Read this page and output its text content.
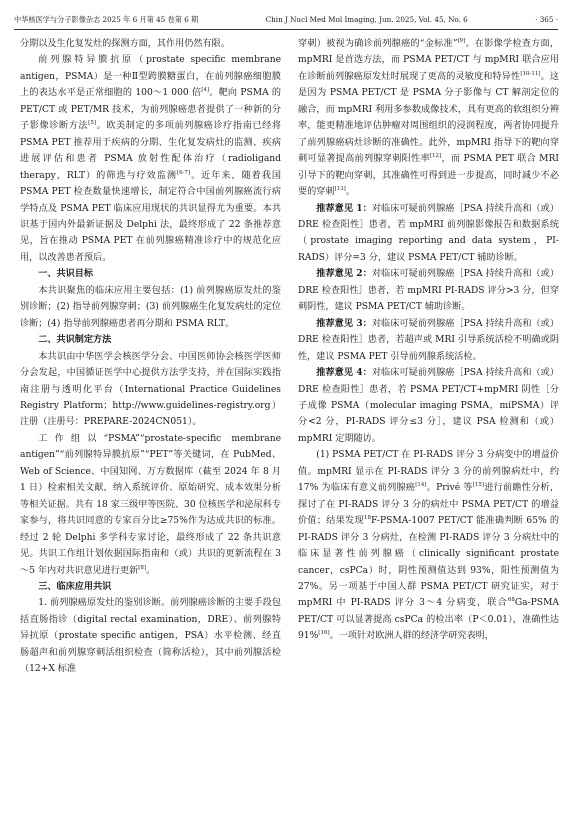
中华核医学与分子影像杂志 2025 年 6 月第 45 卷第 6 期	Chin J Nucl Med Mol Imaging, Jun. 2025, Vol. 45, No. 6	· 365 ·

分期以及生化复发灶的探测方面，其作用仍然有限。

前列腺特异膜抗原（prostate specific membrane antigen，PSMA）是一种Ⅱ型跨膜糖蛋白，在前列腺癌细胞膜上的表达水平是正常细胞的 100～1 000 倍[4]。靶向 PSMA 的 PET/CT 或 PET/MR 技术，为前列腺癌患者提供了一种新的分子影像诊断方法[5]。欧美制定的多项前列腺癌诊疗指南已经将 PSMA PET 推荐用于疾病的分期、生化复发病灶的监测、疾病进展评估和患者 PSMA 放射性配体治疗（radioligand therapy，RLT）的筛选与疗效监测[6-7]。近年来，随着我国 PSMA PET 检查数量快速增长，制定符合中国前列腺癌流行病学特点及 PSMA PET 临床应用现状的共识显得尤为重要。本共识基于国内外最新证据及 Delphi 法，最终形成了 22 条推荐意见，旨在推动 PSMA PET 在前列腺癌精准诊疗中的规范化应用，以改善患者预后。

一、共识目标

本共识聚焦的临床应用主要包括：(1) 前列腺癌原发灶的鉴别诊断；(2) 指导前列腺穿刺；(3) 前列腺癌生化复发病灶的定位诊断；(4) 指导前列腺癌患者再分期和 PSMA RLT。

二、共识制定方法

本共识由中华医学会核医学分会、中国医师协会核医学医师分会发起，中国循证医学中心提供方法学支持，并在国际实践指南注册与透明化平台（International Practice Guidelines Registry Platform；http://www.guidelines-registry.org）注册（注册号：PREPARE-2024CN051）。

工作组以“PSMA”“prostate-specific membrane antigen”“前列腺特异膜抗原”“PET”等关键词，在 PubMed、Web of Science、中国知网、万方数据库（截至 2024 年 8 月 1 日）检索相关文献，纳入系统评价、原始研究、成本效果分析等相关证据。共有 18 家三级甲等医院、30 位核医学和泌尿科专家参与，将共识同意的专家百分比≥75%作为达成共识的标准。经过 2 轮 Delphi 多学科专家讨论，最终形成了 22 条共识意见。共识工作组计划依据国际指南和（或）共识的更新流程在 3～5 年内对共识意见进行更新[8]。

三、临床应用共识

1. 前列腺癌原发灶的鉴别诊断。前列腺癌诊断的主要手段包括直肠指诊（digital rectal examination，DRE）、前列腺特异抗原（prostate specific antigen，PSA）水平检测、经直肠超声和前列腺穿刺活组织检查（简称活检），其中前列腺活检（12+X 标准

穿刺）被视为确诊前列腺癌的“金标准”[9]。在影像学检查方面，mpMRI 是首选方法，而 PSMA PET/CT 与 mpMRI 联合应用在诊断前列腺癌原发灶时展现了更高的灵敏度和特异性[10-11]。这是因为 PSMA PET/CT 是 PSMA 分子影像与 CT 解剖定位的融合，而 mpMRI 利用多参数成像技术，具有更高的软组织分辨率，能更精准地评估肿瘤对周围组织的浸润程度，两者协同提升了前列腺癌病灶诊断的准确性。此外，mpMRI 指导下的靶向穿刺可显著提高前列腺穿刺阳性率[12]，而 PSMA PET 联合 MRI 引导下的靶向穿刺，其准确性可得到进一步提高，同时减少不必要的穿刺[13]。

推荐意见 1：对临床可疑前列腺癌［PSA 持续升高和（或）DRE 检查阳性］患者，若 mpMRI 前列腺影像报告和数据系统（prostate imaging reporting and data system，PI-RADS）评分=3 分，建议 PSMA PET/CT 辅助诊断。

推荐意见 2：对临床可疑前列腺癌［PSA 持续升高和（或）DRE 检查阳性］患者，若 mpMRI PI-RADS 评分>3 分，但穿刺阴性，建议 PSMA PET/CT 辅助诊断。

推荐意见 3：对临床可疑前列腺癌［PSA 持续升高和（或）DRE 检查阳性］患者，若超声或 MRI 引导系统活检不明确或阴性，建议 PSMA PET 引导前列腺系统活检。

推荐意见 4：对临床可疑前列腺癌［PSA 持续升高和（或）DRE 检查阳性］患者，若 PSMA PET/CT+mpMRI 阴性［分子成像 PSMA（molecular imaging PSMA，miPSMA）评分<2 分，PI-RADS 评分≤3 分］，建议 PSA 检测和（或）mpMRI 定期随访。

(1) PSMA PET/CT 在 PI-RADS 评分 3 分病变中的增益价值。mpMRI 显示在 PI-RADS 评分 3 分的前列腺病灶中，约 17% 为临床有意义前列腺癌[14]。Privé 等[15]进行前瞻性分析，探讨了在 PI-RADS 评分 3 分的病灶中 PSMA PET/CT 的增益价值；结果发现$^{18}$F-PSMA-1007 PET/CT 能准确判断 65% 的 PI-RADS 评分 3 分病灶，在检测 PI-RADS 评分 3 分病灶中的临床显著性前列腺癌（clinically significant prostate cancer，csPCa）时，阴性预测值达到 93%，阳性预测值为 27%。另一项基于中国人群 PSMA PET/CT 研究证实，对于 mpMRI 中 PI-RADS 评分 3～4 分病变，联合$^{68}$Ga-PSMA PET/CT 可以显著提高 csPCa 的检出率（P＜0.01），准确性达 91%[16]。一项针对欧洲人群的经济学研究表明，
